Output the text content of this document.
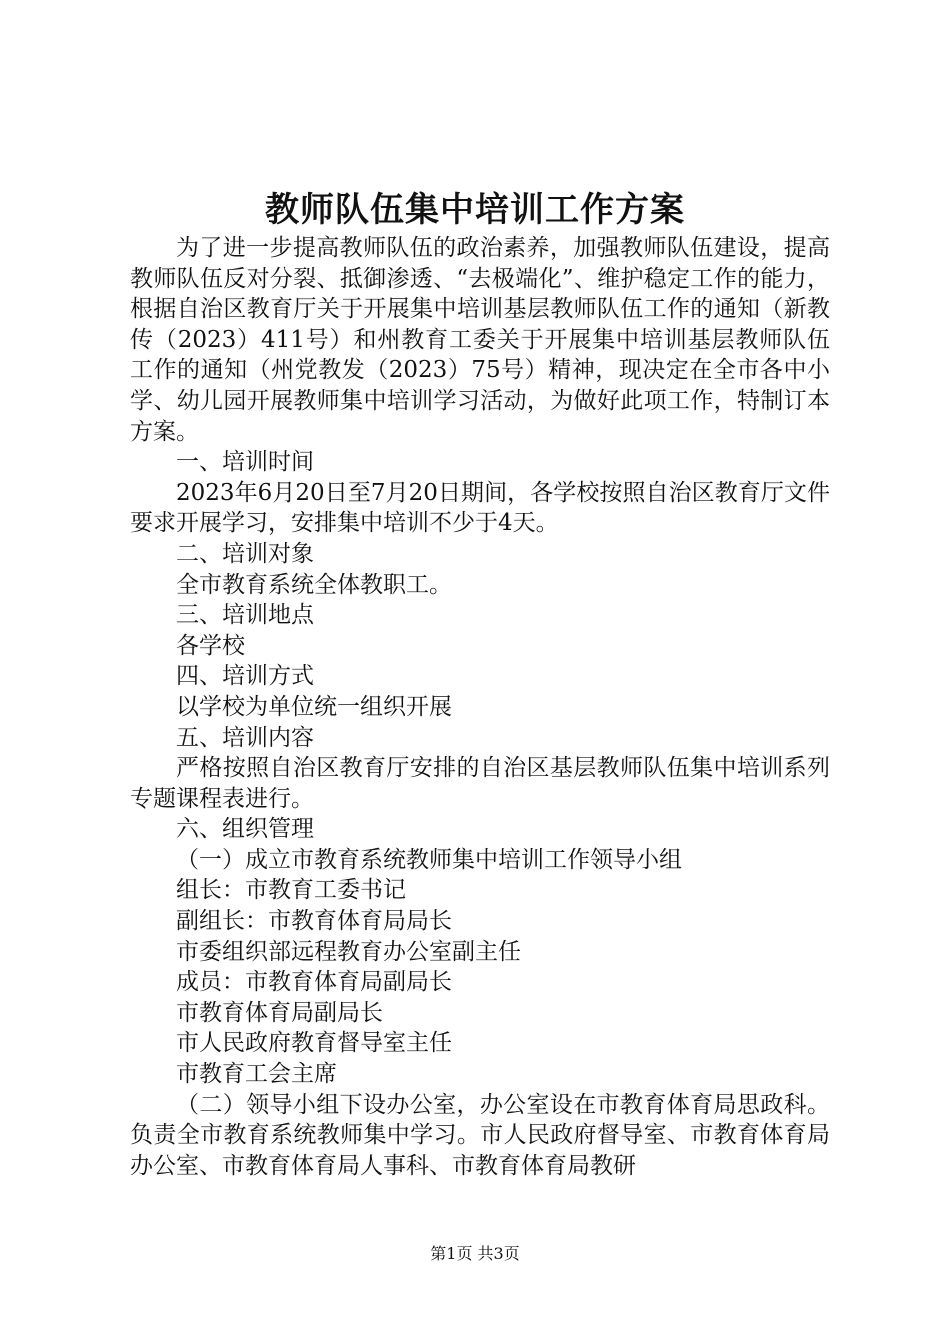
教师队伍集中培训工作方案

为了进一步提高教师队伍的政治素养，加强教师队伍建设，提高教师队伍反对分裂、抵御渗透、“去极端化”、维护稳定工作的能力，根据自治区教育厅关于开展集中培训基层教师队伍工作的通知（新教传（2023）411号）和州教育工委关于开展集中培训基层教师队伍工作的通知（州党教发（2023）75号）精神，现决定在全市各中小学、幼儿园开展教师集中培训学习活动，为做好此项工作，特制订本方案。

一、培训时间

2023年6月20日至7月20日期间，各学校按照自治区教育厅文件要求开展学习，安排集中培训不少于4天。

二、培训对象

全市教育系统全体教职工。

三、培训地点

各学校

四、培训方式

以学校为单位统一组织开展

五、培训内容

严格按照自治区教育厅安排的自治区基层教师队伍集中培训系列专题课程表进行。

六、组织管理

（一）成立市教育系统教师集中培训工作领导小组

组长：市教育工委书记

副组长：市教育体育局局长

市委组织部远程教育办公室副主任

成员：市教育体育局副局长

市教育体育局副局长

市人民政府教育督导室主任

市教育工会主席

（二）领导小组下设办公室，办公室设在市教育体育局思政科。负责全市教育系统教师集中学习。市人民政府督导室、市教育体育局办公室、市教育体育局人事科、市教育体育局教研

第1页 共3页
